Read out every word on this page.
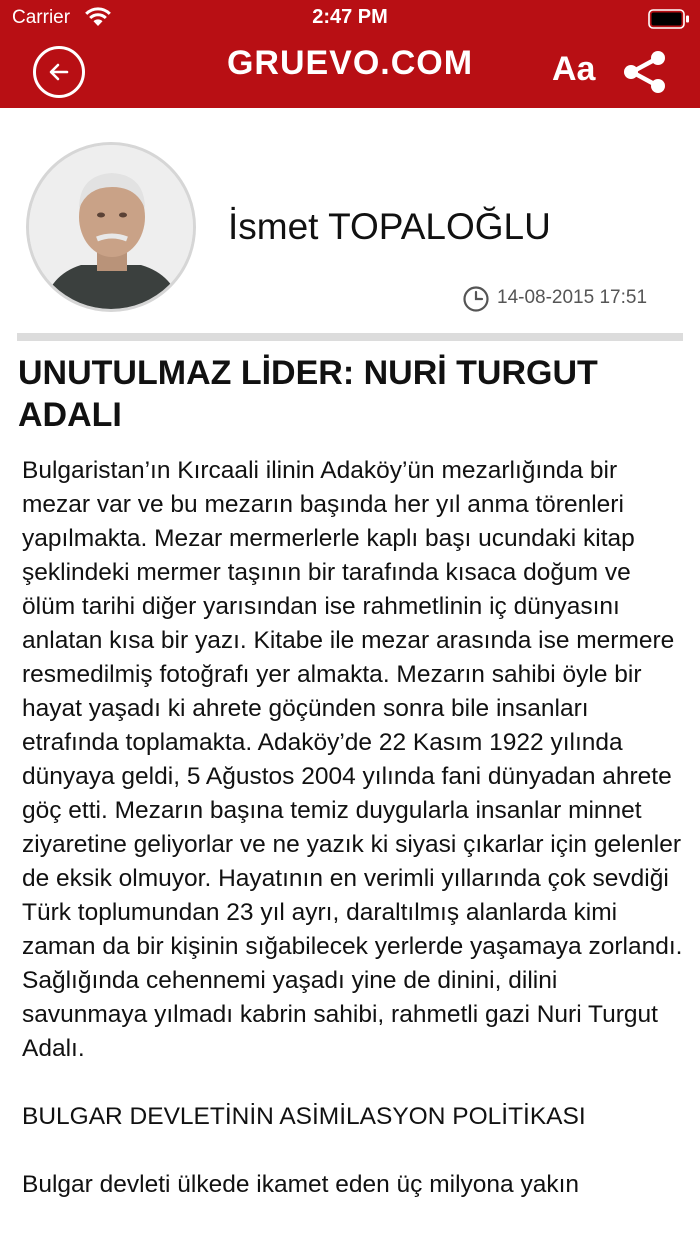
Carrier	2:47 PM
GRUEVO.COM	Aa
İsmet TOPALOĞLU
14-08-2015 17:51
UNUTULMAZ LİDER: NURİ TURGUT ADALI

Bulgaristan’ın Kırcaali ilinin Adaköy’ün mezarlığında bir mezar var ve bu mezarın başında her yıl anma törenleri yapılmakta. Mezar mermerlerle kaplı başı ucundaki kitap şeklindeki mermer taşının bir tarafında kısaca doğum ve ölüm tarihi diğer yarısından ise rahmetlinin iç dünyasını anlatan kısa bir yazı. Kitabe ile mezar arasında ise mermere resmedilmiş fotoğrafı yer almakta. Mezarın sahibi öyle bir hayat yaşadı ki ahrete göçünden sonra bile insanları etrafında toplamakta. Adaköy’de 22 Kasım 1922 yılında dünyaya geldi, 5 Ağustos 2004 yılında fani dünyadan ahrete göç etti. Mezarın başına temiz duygularla insanlar minnet ziyaretine geliyorlar ve ne yazık ki siyasi çıkarlar için gelenler de eksik olmuyor. Hayatının en verimli yıllarında çok sevdiği Türk toplumundan 23 yıl ayrı, daraltılmış alanlarda kimi zaman da bir kişinin sığabilecek yerlerde yaşamaya zorlandı. Sağlığında cehennemi yaşadı yine de dinini, dilini savunmaya yılmadı kabrin sahibi, rahmetli gazi Nuri Turgut Adalı.

BULGAR DEVLETİNİN ASİMİLASYON POLİTİKASI

Bulgar devleti ülkede ikamet eden üç milyona yakın
